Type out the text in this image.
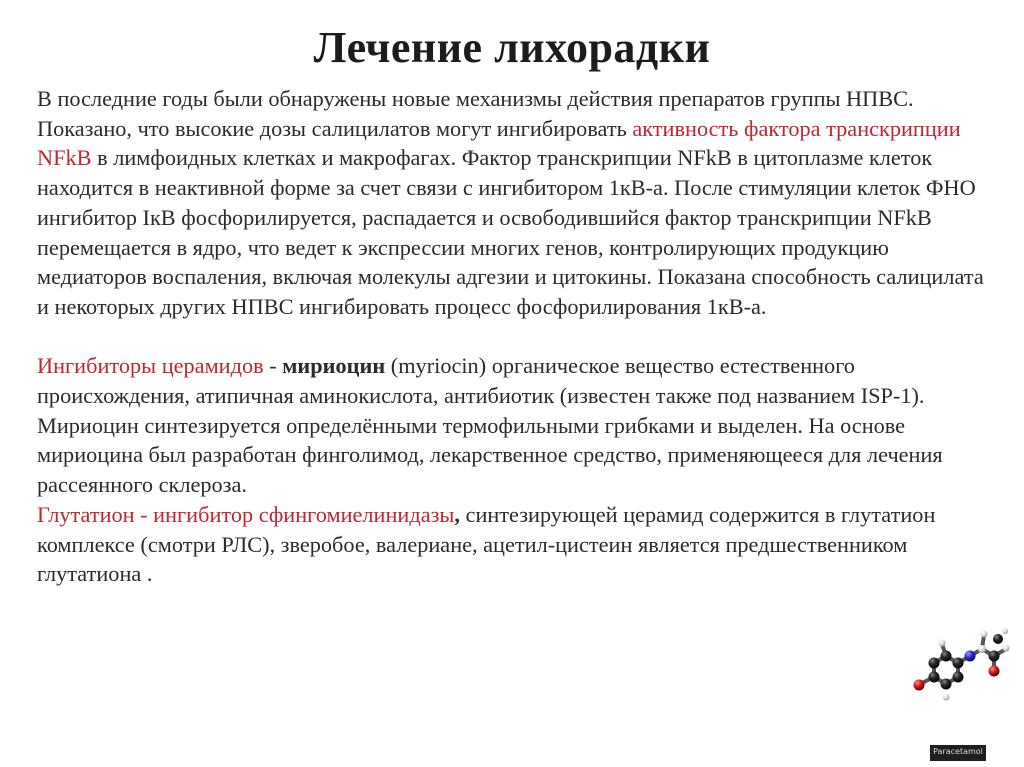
Лечение лихорадки

В последние годы были обнаружены новые механизмы действия препаратов группы НПВС. Показано, что высокие дозы салицилатов могут ингибировать активность фактора транскрипции NFkB в лимфоидных клетках и макрофагах. Фактор транскрипции NFkB в цитоплазме клеток находится в неактивной форме за счет связи с ингибитором 1кВ-а. После стимуляции клеток ФНО ингибитор IкВ фосфорилируется, распадается и освободившийся фактор транскрипции NFkB перемещается в ядро, что ведет к экспрессии многих генов, контролирующих продукцию медиаторов воспаления, включая молекулы адгезии и цитокины. Показана способность салицилата и некоторых других НПВС ингибировать процесс фосфорилирования 1кВ-а.

Ингибиторы церамидов - мириоцин (myriocin) органическое вещество естественного происхождения, атипичная аминокислота, антибиотик (известен также под названием ISP-1). Мириоцин синтезируется определёнными термофильными грибками и выделен. На основе мириоцина был разработан финголимод, лекарственное средство, применяющееся для лечения рассеянного склероза.

Глутатион - ингибитор сфингомиелинидазы, синтезирующей церамид содержится в глутатион комплексе (смотри РЛС), зверобое, валериане, ацетил-цистеин является предшественником глутатиона .

Paracetamol
